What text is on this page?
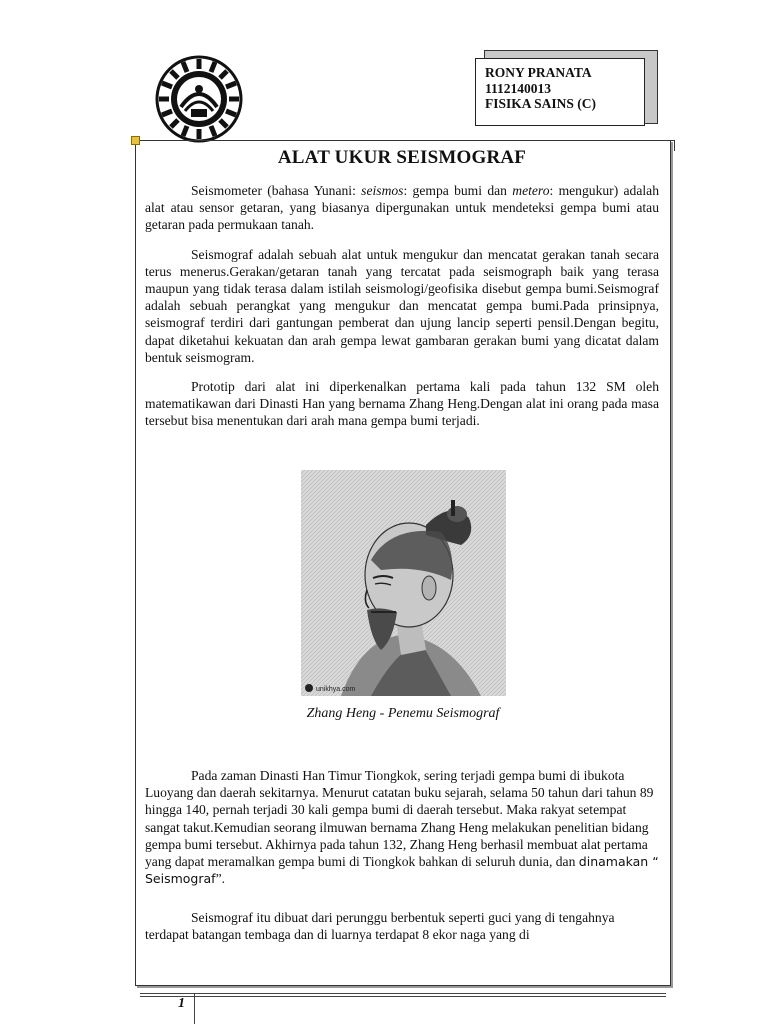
RONY PRANATA
1112140013
FISIKA SAINS (C)
ALAT UKUR SEISMOGRAF

Seismometer (bahasa Yunani: seismos: gempa bumi dan metero: mengukur) adalah alat atau sensor getaran, yang biasanya dipergunakan untuk mendeteksi gempa bumi atau getaran pada permukaan tanah.

Seismograf adalah sebuah alat untuk mengukur dan mencatat gerakan tanah secara terus menerus.Gerakan/getaran tanah yang tercatat pada seismograph baik yang terasa maupun yang tidak terasa dalam istilah seismologi/geofisika disebut gempa bumi.Seismograf adalah sebuah perangkat yang mengukur dan mencatat gempa bumi.Pada prinsipnya, seismograf terdiri dari gantungan pemberat dan ujung lancip seperti pensil.Dengan begitu, dapat diketahui kekuatan dan arah gempa lewat gambaran gerakan bumi yang dicatat dalam bentuk seismogram.

Prototip dari alat ini diperkenalkan pertama kali pada tahun 132 SM oleh matematikawan dari Dinasti Han yang bernama Zhang Heng.Dengan alat ini orang pada masa tersebut bisa menentukan dari arah mana gempa bumi terjadi.

unikhya.com
Zhang Heng - Penemu Seismograf

Pada zaman Dinasti Han Timur Tiongkok, sering terjadi gempa bumi di ibukota Luoyang dan daerah sekitarnya. Menurut catatan buku sejarah, selama 50 tahun dari tahun 89 hingga 140, pernah terjadi 30 kali gempa bumi di daerah tersebut. Maka rakyat setempat sangat takut.Kemudian seorang ilmuwan bernama Zhang Heng melakukan penelitian bidang gempa bumi tersebut. Akhirnya pada tahun 132, Zhang Heng berhasil membuat alat pertama yang dapat meramalkan gempa bumi di Tiongkok bahkan di seluruh dunia, dan dinamakan “ Seismograf”.

Seismograf itu dibuat dari perunggu berbentuk seperti guci yang di tengahnya terdapat batangan tembaga dan di luarnya terdapat 8 ekor naga yang di

1
